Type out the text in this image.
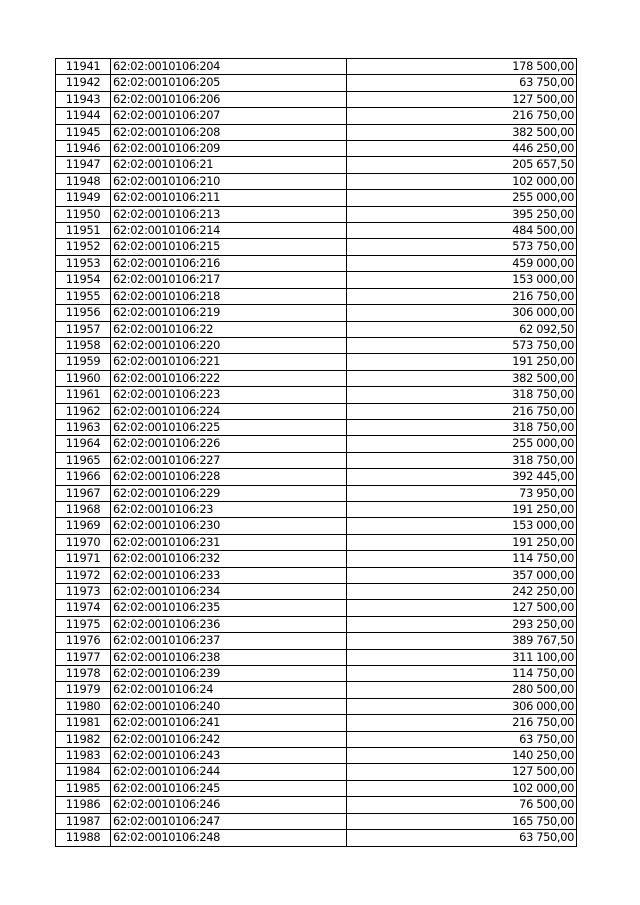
11941	62:02:0010106:204	178 500,00
11942	62:02:0010106:205	63 750,00
11943	62:02:0010106:206	127 500,00
11944	62:02:0010106:207	216 750,00
11945	62:02:0010106:208	382 500,00
11946	62:02:0010106:209	446 250,00
11947	62:02:0010106:21	205 657,50
11948	62:02:0010106:210	102 000,00
11949	62:02:0010106:211	255 000,00
11950	62:02:0010106:213	395 250,00
11951	62:02:0010106:214	484 500,00
11952	62:02:0010106:215	573 750,00
11953	62:02:0010106:216	459 000,00
11954	62:02:0010106:217	153 000,00
11955	62:02:0010106:218	216 750,00
11956	62:02:0010106:219	306 000,00
11957	62:02:0010106:22	62 092,50
11958	62:02:0010106:220	573 750,00
11959	62:02:0010106:221	191 250,00
11960	62:02:0010106:222	382 500,00
11961	62:02:0010106:223	318 750,00
11962	62:02:0010106:224	216 750,00
11963	62:02:0010106:225	318 750,00
11964	62:02:0010106:226	255 000,00
11965	62:02:0010106:227	318 750,00
11966	62:02:0010106:228	392 445,00
11967	62:02:0010106:229	73 950,00
11968	62:02:0010106:23	191 250,00
11969	62:02:0010106:230	153 000,00
11970	62:02:0010106:231	191 250,00
11971	62:02:0010106:232	114 750,00
11972	62:02:0010106:233	357 000,00
11973	62:02:0010106:234	242 250,00
11974	62:02:0010106:235	127 500,00
11975	62:02:0010106:236	293 250,00
11976	62:02:0010106:237	389 767,50
11977	62:02:0010106:238	311 100,00
11978	62:02:0010106:239	114 750,00
11979	62:02:0010106:24	280 500,00
11980	62:02:0010106:240	306 000,00
11981	62:02:0010106:241	216 750,00
11982	62:02:0010106:242	63 750,00
11983	62:02:0010106:243	140 250,00
11984	62:02:0010106:244	127 500,00
11985	62:02:0010106:245	102 000,00
11986	62:02:0010106:246	76 500,00
11987	62:02:0010106:247	165 750,00
11988	62:02:0010106:248	63 750,00
